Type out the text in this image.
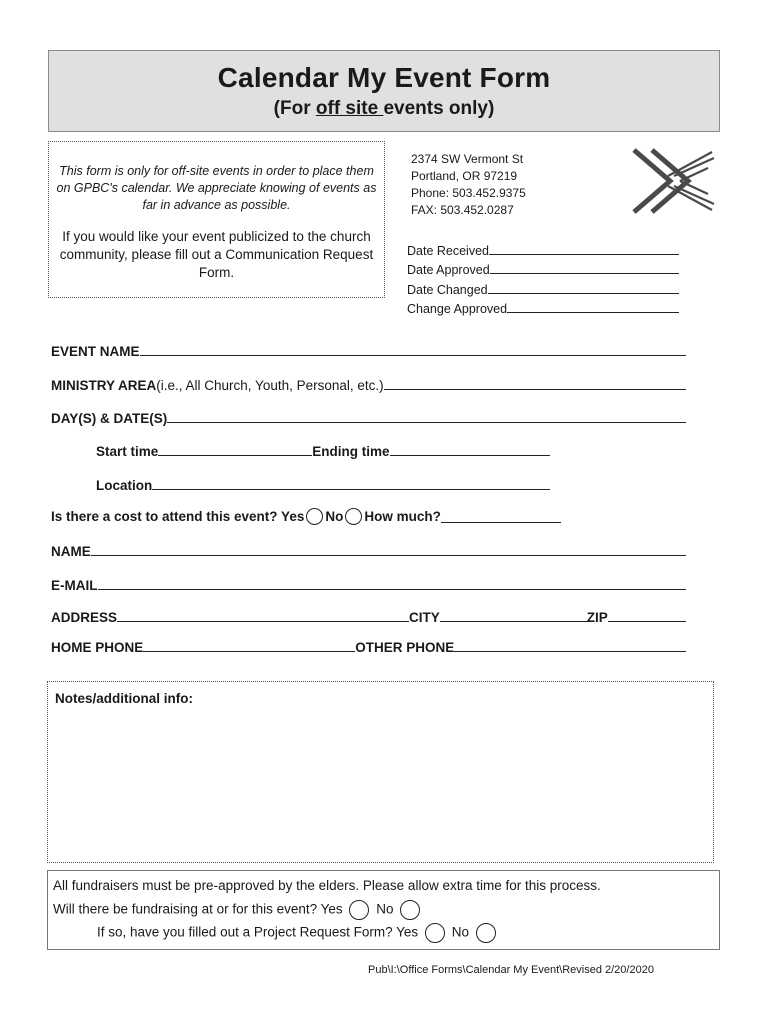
Calendar My Event Form
(For off site events only)
This form is only for off-site events in order to place them on GPBC's calendar. We appreciate knowing of events as far in advance as possible.
If you would like your event publicized to the church community, please fill out a Communication Request Form.
2374 SW Vermont St
Portland, OR 97219
Phone: 503.452.9375
FAX: 503.452.0287
Date Received
Date Approved
Date Changed
Change Approved
EVENT NAME
MINISTRY AREA (i.e., All Church, Youth, Personal, etc.)
DAY(S) & DATE(S)
Start time	Ending time
Location
Is there a cost to attend this event? Yes No How much?
NAME
E-MAIL
ADDRESS	CITY	ZIP
HOME PHONE	OTHER PHONE
Notes/additional info:
All fundraisers must be pre-approved by the elders. Please allow extra time for this process.
Will there be fundraising at or for this event? Yes No
If so, have you filled out a Project Request Form? Yes No
Pub\I:\Office Forms\Calendar My Event\Revised 2/20/2020
